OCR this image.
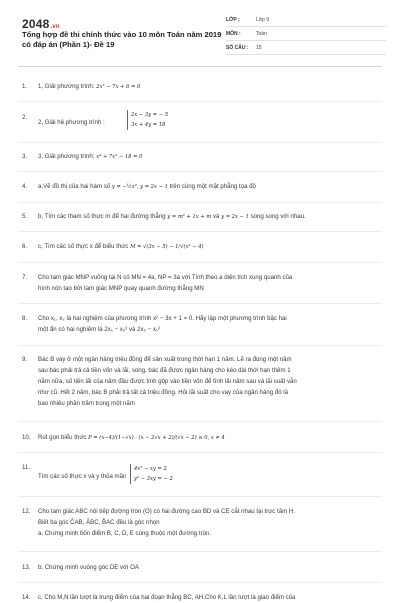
2048.vn
Tổng hợp đề thi chính thức vào 10 môn Toán năm 2019 có đáp án (Phần 1)- Đề 19
LỚP :	Lớp 9
MÔN :	Toán
SỐ CÂU : 15
1. 1, Giải phương trình: 2x² − 7x + 6 = 0
2.
2, Giải hệ phương trình :
2x − 3y = − 5
3x + 4y = 18
3. 3, Giải phương trình: x⁴ + 7x² − 18 = 0
4. a,Vẽ đồ thị của hai hàm số y = −½x², y = 2x − 1 trên cùng một mặt phẳng tọa độ
5. b, Tìm các tham số thực m để hai đường thẳng y = m² + 1x + m và y = 2x − 1 song song với nhau.
6. c, Tìm các số thực x để biểu thức M = √(3x − 5) − 1/√(x² − 4)
7. Cho tam giác MNP vuông tại N có MN = 4a, NP = 3a với Tính theo a diện tích xung quanh của
hình nón tạo bởi tam giác MNP quay quanh đường thẳng MN
8. Cho x₁, x₂ là hai nghiệm của phương trình x² − 3x + 1 = 0. Hãy lập một phương trình bậc hai
một ẩn có hai nghiệm là 2x₁ − x₂² và 2x₂ − x₁²
9. Bác B vay ở một ngân hàng triệu đồng để sản xuất trong thời hạn 1 năm. Lẽ ra đúng một năm
sau bác phải trả cả tiền vốn và lãi, song, bác đã được ngân hàng cho kéo dài thời hạn thêm 1
năm nữa, số tiền lãi của năm đầu được tính gộp vào tiền vốn để tính lãi năm sau và lãi suất vẫn
như cũ. Hết 2 năm, bác B phải trả tất cả triệu đồng. Hỏi lãi suất cho vay của ngân hàng đó là
bao nhiêu phần trăm trong một năm
10. Rút gọn biểu thức P = (x−4)/(1−√x) · (x − 2√x + 2)/(√x − 2) ≥ 0, x ≠ 4
11.
Tìm các số thực x và y thỏa mãn
4x² − xy = 2
y² − 3xy = − 2
12. Cho tam giác ABC nội tiếp đường tròn (O) có hai đường cao BD và CE cắt nhau tại trực tâm H.
Biết ba góc ĈAB, ÂBC, B̂AC đều là góc nhọn
a, Chứng minh bốn điểm B, C, D, E cùng thuộc một đường tròn.
13. b, Chứng minh vuông góc DE với OA
14. c, Cho M,N lần lượt là trung điểm của hai đoạn thẳng BC, AH.Cho K,L lần lượt là giao điểm của
